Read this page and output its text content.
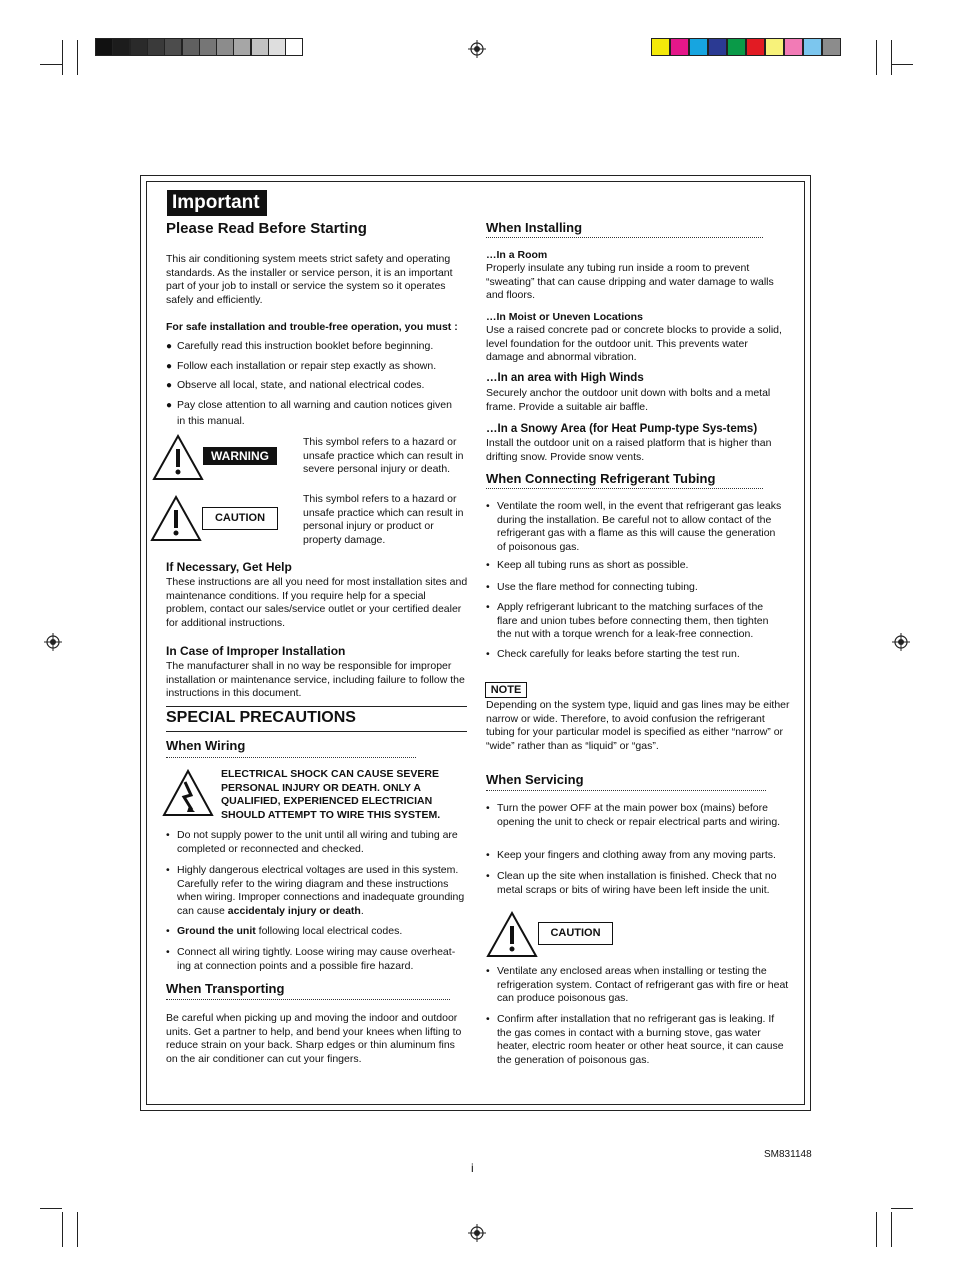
Important
Please Read Before Starting
This air conditioning system meets strict safety and operating standards. As the installer or service person, it is an important part of your job to install or service the system so it operates safely and efficiently.
For safe installation and trouble-free operation, you must :
● Carefully read this instruction booklet before beginning.
● Follow each installation or repair step exactly as shown.
● Observe all local, state, and national electrical codes.
● Pay close attention to all warning and caution notices given in this manual.
WARNING
This symbol refers to a hazard or unsafe practice which can result in severe personal injury or death.
CAUTION
This symbol refers to a hazard or unsafe practice which can result in personal injury or product or property damage.
If Necessary, Get Help
These instructions are all you need for most installation sites and maintenance conditions. If you require help for a special problem, contact our sales/service outlet or your certified dealer for additional instructions.
In Case of Improper Installation
The manufacturer shall in no way be responsible for improper installation or maintenance service, including failure to follow the instructions in this document.
SPECIAL PRECAUTIONS
When Wiring
ELECTRICAL SHOCK CAN CAUSE SEVERE PERSONAL INJURY OR DEATH. ONLY A QUALIFIED, EXPERIENCED ELECTRICIAN SHOULD ATTEMPT TO WIRE THIS SYSTEM.
• Do not supply power to the unit until all wiring and tubing are completed or reconnected and checked.
• Highly dangerous electrical voltages are used in this system. Carefully refer to the wiring diagram and these instructions when wiring. Improper connections and inadequate grounding can cause accidentaly injury or death.
• Ground the unit following local electrical codes.
• Connect all wiring tightly. Loose wiring may cause overheat-ing at connection points and a possible fire hazard.
When Transporting
Be careful when picking up and moving the indoor and outdoor units. Get a partner to help, and bend your knees when lifting to reduce strain on your back. Sharp edges or thin aluminum fins on the air conditioner can cut your fingers.
When Installing
…In a Room
Properly insulate any tubing run inside a room to prevent “sweating” that can cause dripping and water damage to walls and floors.
…In Moist or Uneven Locations
Use a raised concrete pad or concrete blocks to provide a solid, level foundation for the outdoor unit. This prevents water damage and abnormal vibration.
…In an area with High Winds
Securely anchor the outdoor unit down with bolts and a metal frame. Provide a suitable air baffle.
…In a Snowy Area (for Heat Pump-type Sys-tems)
Install the outdoor unit on a raised platform that is higher than drifting snow. Provide snow vents.
When Connecting Refrigerant Tubing
• Ventilate the room well, in the event that refrigerant gas leaks during the installation. Be careful not to allow contact of the refrigerant gas with a flame as this will cause the generation of poisonous gas.
• Keep all tubing runs as short as possible.
• Use the flare method for connecting tubing.
• Apply refrigerant lubricant to the matching surfaces of the flare and union tubes before connecting them, then tighten the nut with a torque wrench for a leak-free connection.
• Check carefully for leaks before starting the test run.
NOTE
Depending on the system type, liquid and gas lines may be either narrow or wide. Therefore, to avoid confusion the refrigerant tubing for your particular model is specified as either “narrow” or “wide” rather than as “liquid” or “gas”.
When Servicing
• Turn the power OFF at the main power box (mains) before opening the unit to check or repair electrical parts and wiring.
• Keep your fingers and clothing away from any moving parts.
• Clean up the site when installation is finished. Check that no metal scraps or bits of wiring have been left inside the unit.
CAUTION
• Ventilate any enclosed areas when installing or testing the refrigeration system. Contact of refrigerant gas with fire or heat can produce poisonous gas.
• Confirm after installation that no refrigerant gas is leaking. If the gas comes in contact with a burning stove, gas water heater, electric room heater or other heat source, it can cause the generation of poisonous gas.
SM831148
i
